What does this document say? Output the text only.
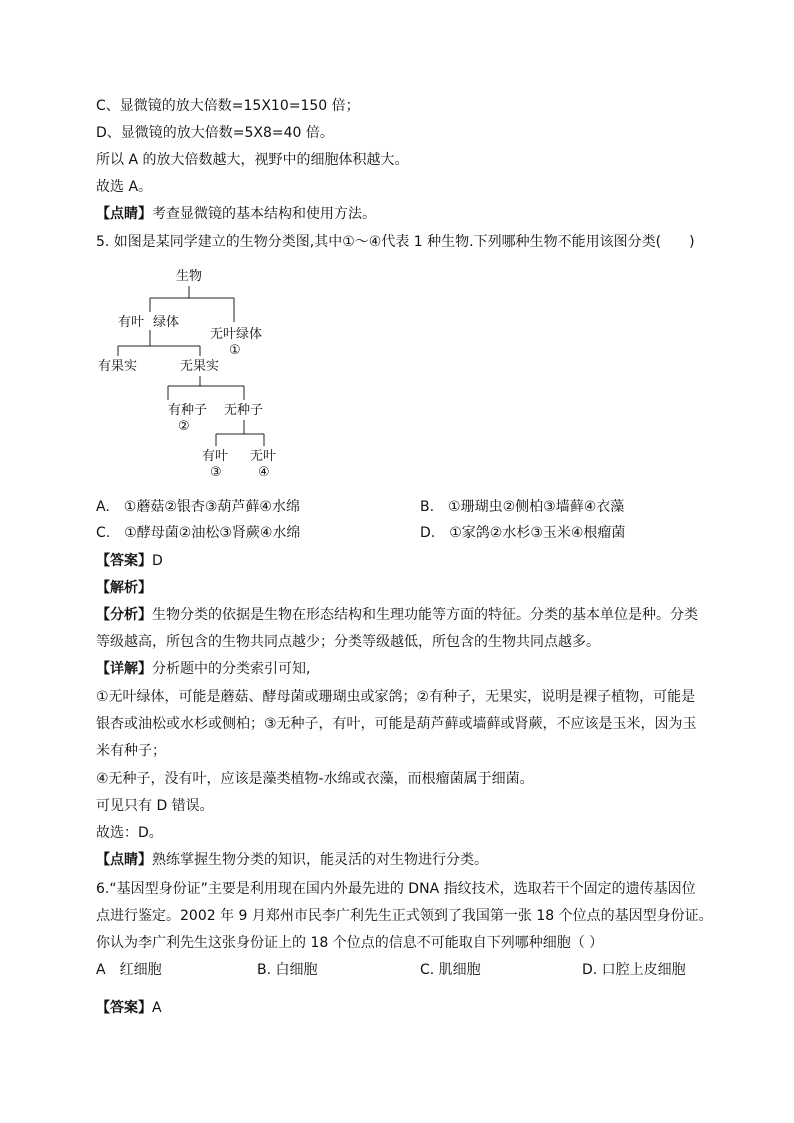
C、显微镜的放大倍数=15X10=150 倍；
D、显微镜的放大倍数=5X8=40 倍。
所以 A 的放大倍数越大，视野中的细胞体积越大。
故选 A。
【点睛】考查显微镜的基本结构和使用方法。
5. 如图是某同学建立的生物分类图,其中①～④代表 1 种生物.下列哪种生物不能用该图分类(　　)
生物
有叶 绿体
无叶绿体
①
有果实	无果实
有种子
②
无种子
有叶
③
无叶
④
A.　①蘑菇②银杏③葫芦藓④水绵	B.　①珊瑚虫②侧柏③墙藓④衣藻
C.　①酵母菌②油松③肾蕨④水绵	D.　①家鸽②水杉③玉米④根瘤菌
【答案】D
【解析】
【分析】生物分类的依据是生物在形态结构和生理功能等方面的特征。分类的基本单位是种。分类
等级越高，所包含的生物共同点越少；分类等级越低，所包含的生物共同点越多。
【详解】分析题中的分类索引可知,
①无叶绿体，可能是蘑菇、酵母菌或珊瑚虫或家鸽；②有种子，无果实，说明是裸子植物，可能是
银杏或油松或水杉或侧柏；③无种子，有叶，可能是葫芦藓或墙藓或肾蕨，不应该是玉米，因为玉
米有种子；
④无种子，没有叶，应该是藻类植物-水绵或衣藻，而根瘤菌属于细菌。
可见只有 D 错误。
故选：D。
【点睛】熟练掌握生物分类的知识，能灵活的对生物进行分类。
6.“基因型身份证”主要是利用现在国内外最先进的 DNA 指纹技术，选取若干个固定的遗传基因位
点进行鉴定。2002 年 9 月郑州市民李广利先生正式领到了我国第一张 18 个位点的基因型身份证。
你认为李广利先生这张身份证上的 18 个位点的信息不可能取自下列哪种细胞（ ）
A　红细胞	B. 白细胞	C. 肌细胞	D. 口腔上皮细胞
【答案】A
